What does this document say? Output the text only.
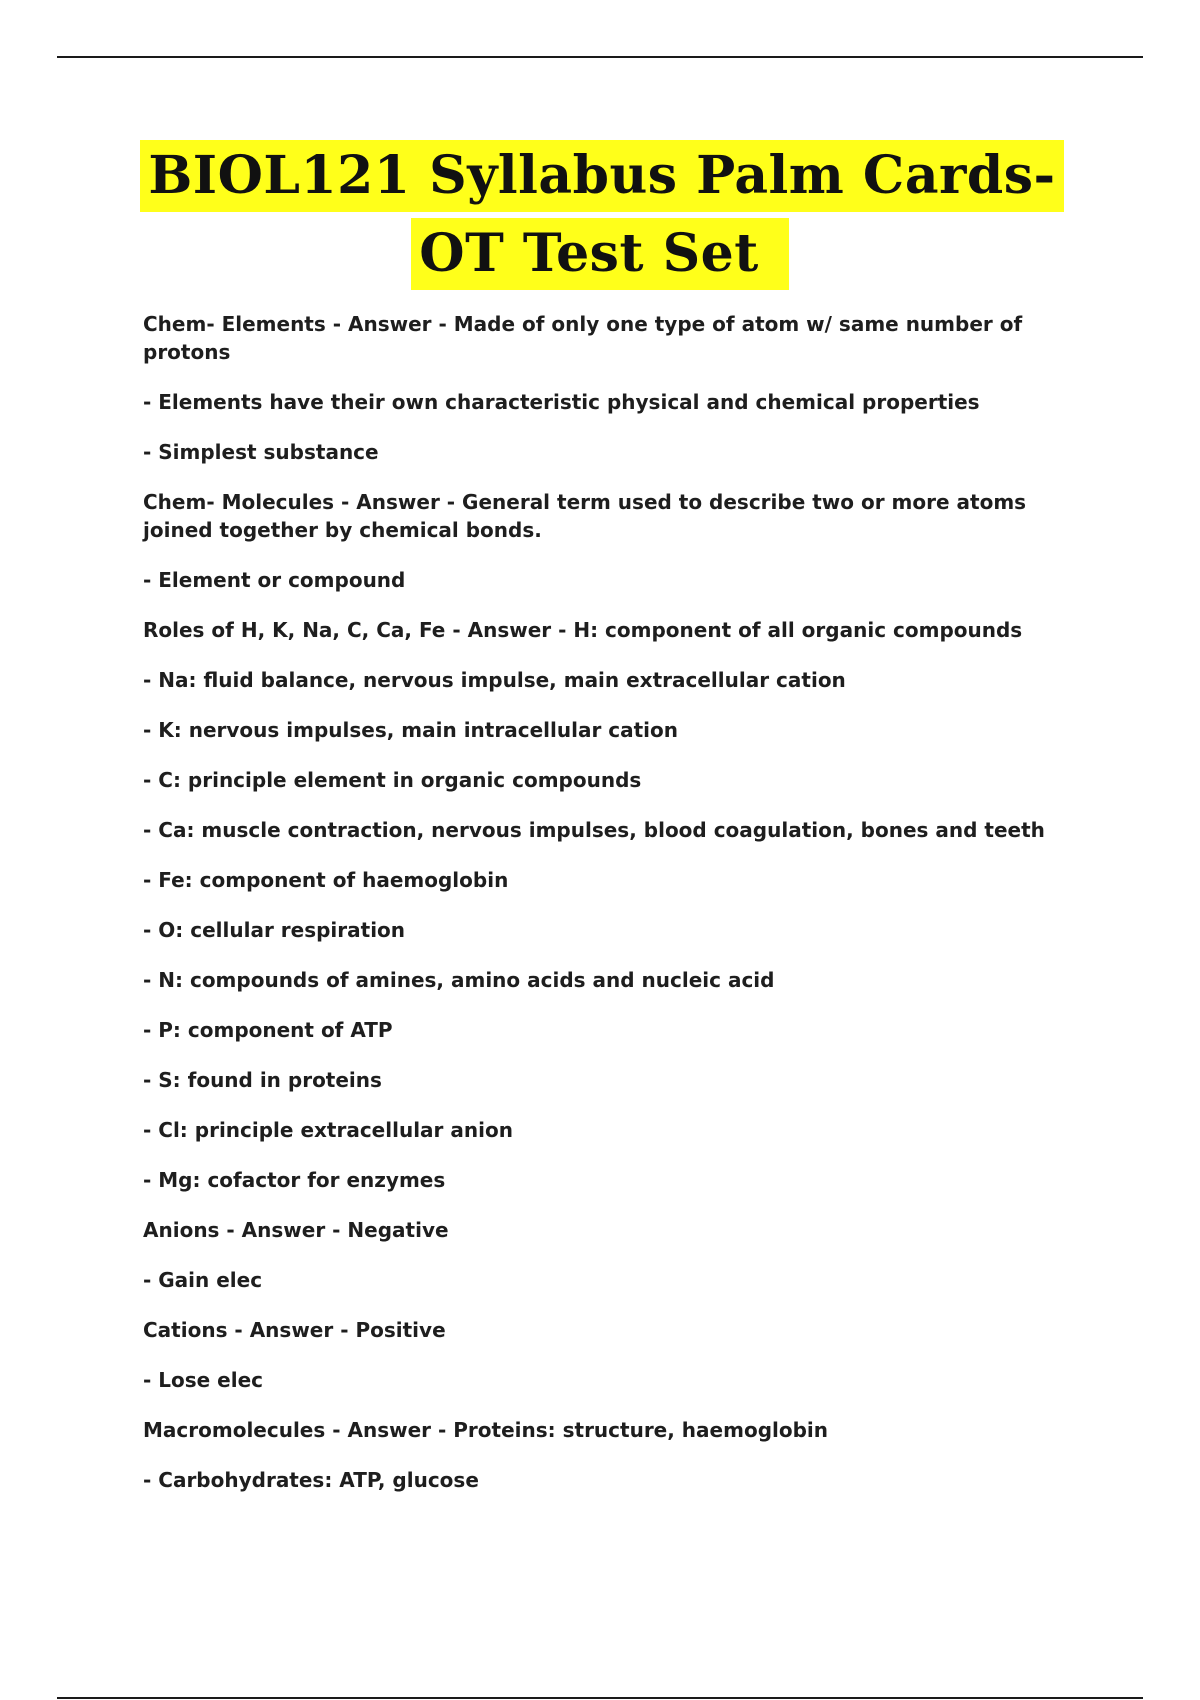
BIOL121 Syllabus Palm Cards-
OT Test Set

Chem- Elements - Answer - Made of only one type of atom w/ same number of protons

- Elements have their own characteristic physical and chemical properties

- Simplest substance

Chem- Molecules - Answer - General term used to describe two or more atoms joined together by chemical bonds.

- Element or compound

Roles of H, K, Na, C, Ca, Fe - Answer - H: component of all organic compounds

- Na: fluid balance, nervous impulse, main extracellular cation

- K: nervous impulses, main intracellular cation

- C: principle element in organic compounds

- Ca: muscle contraction, nervous impulses, blood coagulation, bones and teeth

- Fe: component of haemoglobin

- O: cellular respiration

- N: compounds of amines, amino acids and nucleic acid

- P: component of ATP

- S: found in proteins

- Cl: principle extracellular anion

- Mg: cofactor for enzymes

Anions - Answer - Negative

- Gain elec

Cations - Answer - Positive

- Lose elec

Macromolecules - Answer - Proteins: structure, haemoglobin

- Carbohydrates: ATP, glucose
